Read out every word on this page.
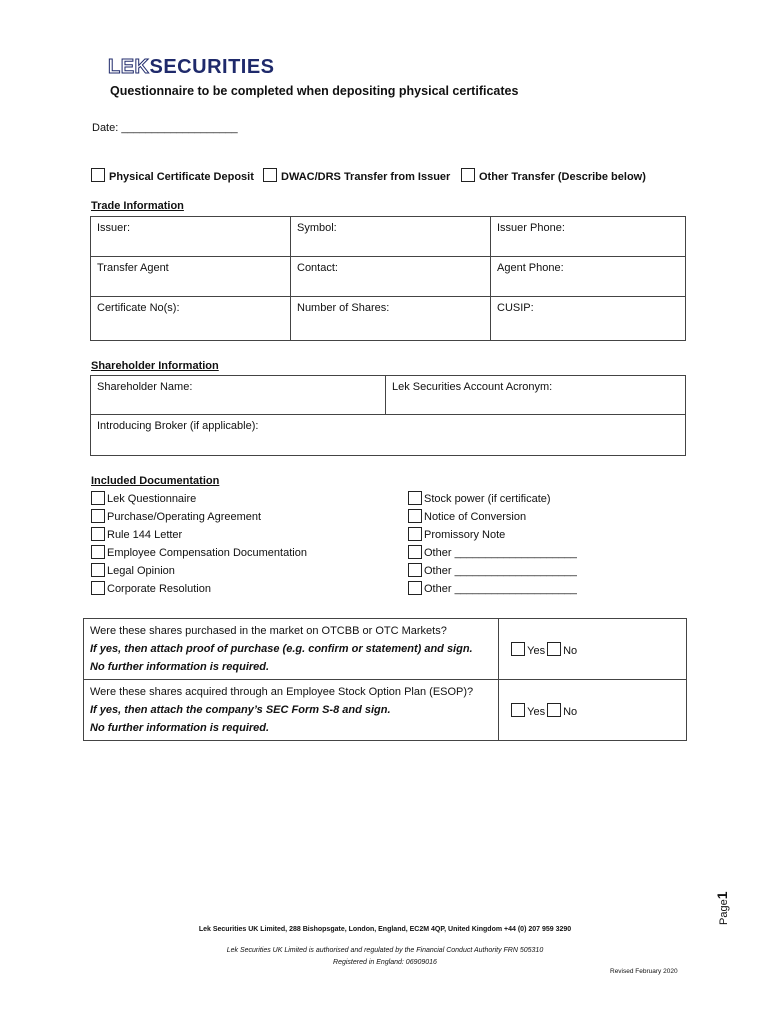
LEKSECURITIES
Questionnaire to be completed when depositing physical certificates
Date: ___________________
Physical Certificate Deposit	DWAC/DRS Transfer from Issuer	Other Transfer (Describe below)
Trade Information
Issuer:	Symbol:	Issuer Phone:
Transfer Agent	Contact:	Agent Phone:
Certificate No(s):	Number of Shares:	CUSIP:
Shareholder Information
Shareholder Name:	Lek Securities Account Acronym:
Introducing Broker (if applicable):
Included Documentation
Lek Questionnaire
Purchase/Operating Agreement
Rule 144 Letter
Employee Compensation Documentation
Legal Opinion
Corporate Resolution
Stock power (if certificate)
Notice of Conversion
Promissory Note
Other ____________________
Other ____________________
Other ____________________
Were these shares purchased in the market on OTCBB or OTC Markets?
If yes, then attach proof of purchase (e.g. confirm or statement) and sign.
No further information is required.	Yes No

Were these shares acquired through an Employee Stock Option Plan (ESOP)?
If yes, then attach the company’s SEC Form S-8 and sign.
No further information is required.	Yes No
Page1
Lek Securities UK Limited, 288 Bishopsgate, London, England, EC2M 4QP, United Kingdom +44 (0) 207 959 3290
Lek Securities UK Limited is authorised and regulated by the Financial Conduct Authority FRN 505310
Registered in England: 06909016
Revised February 2020
